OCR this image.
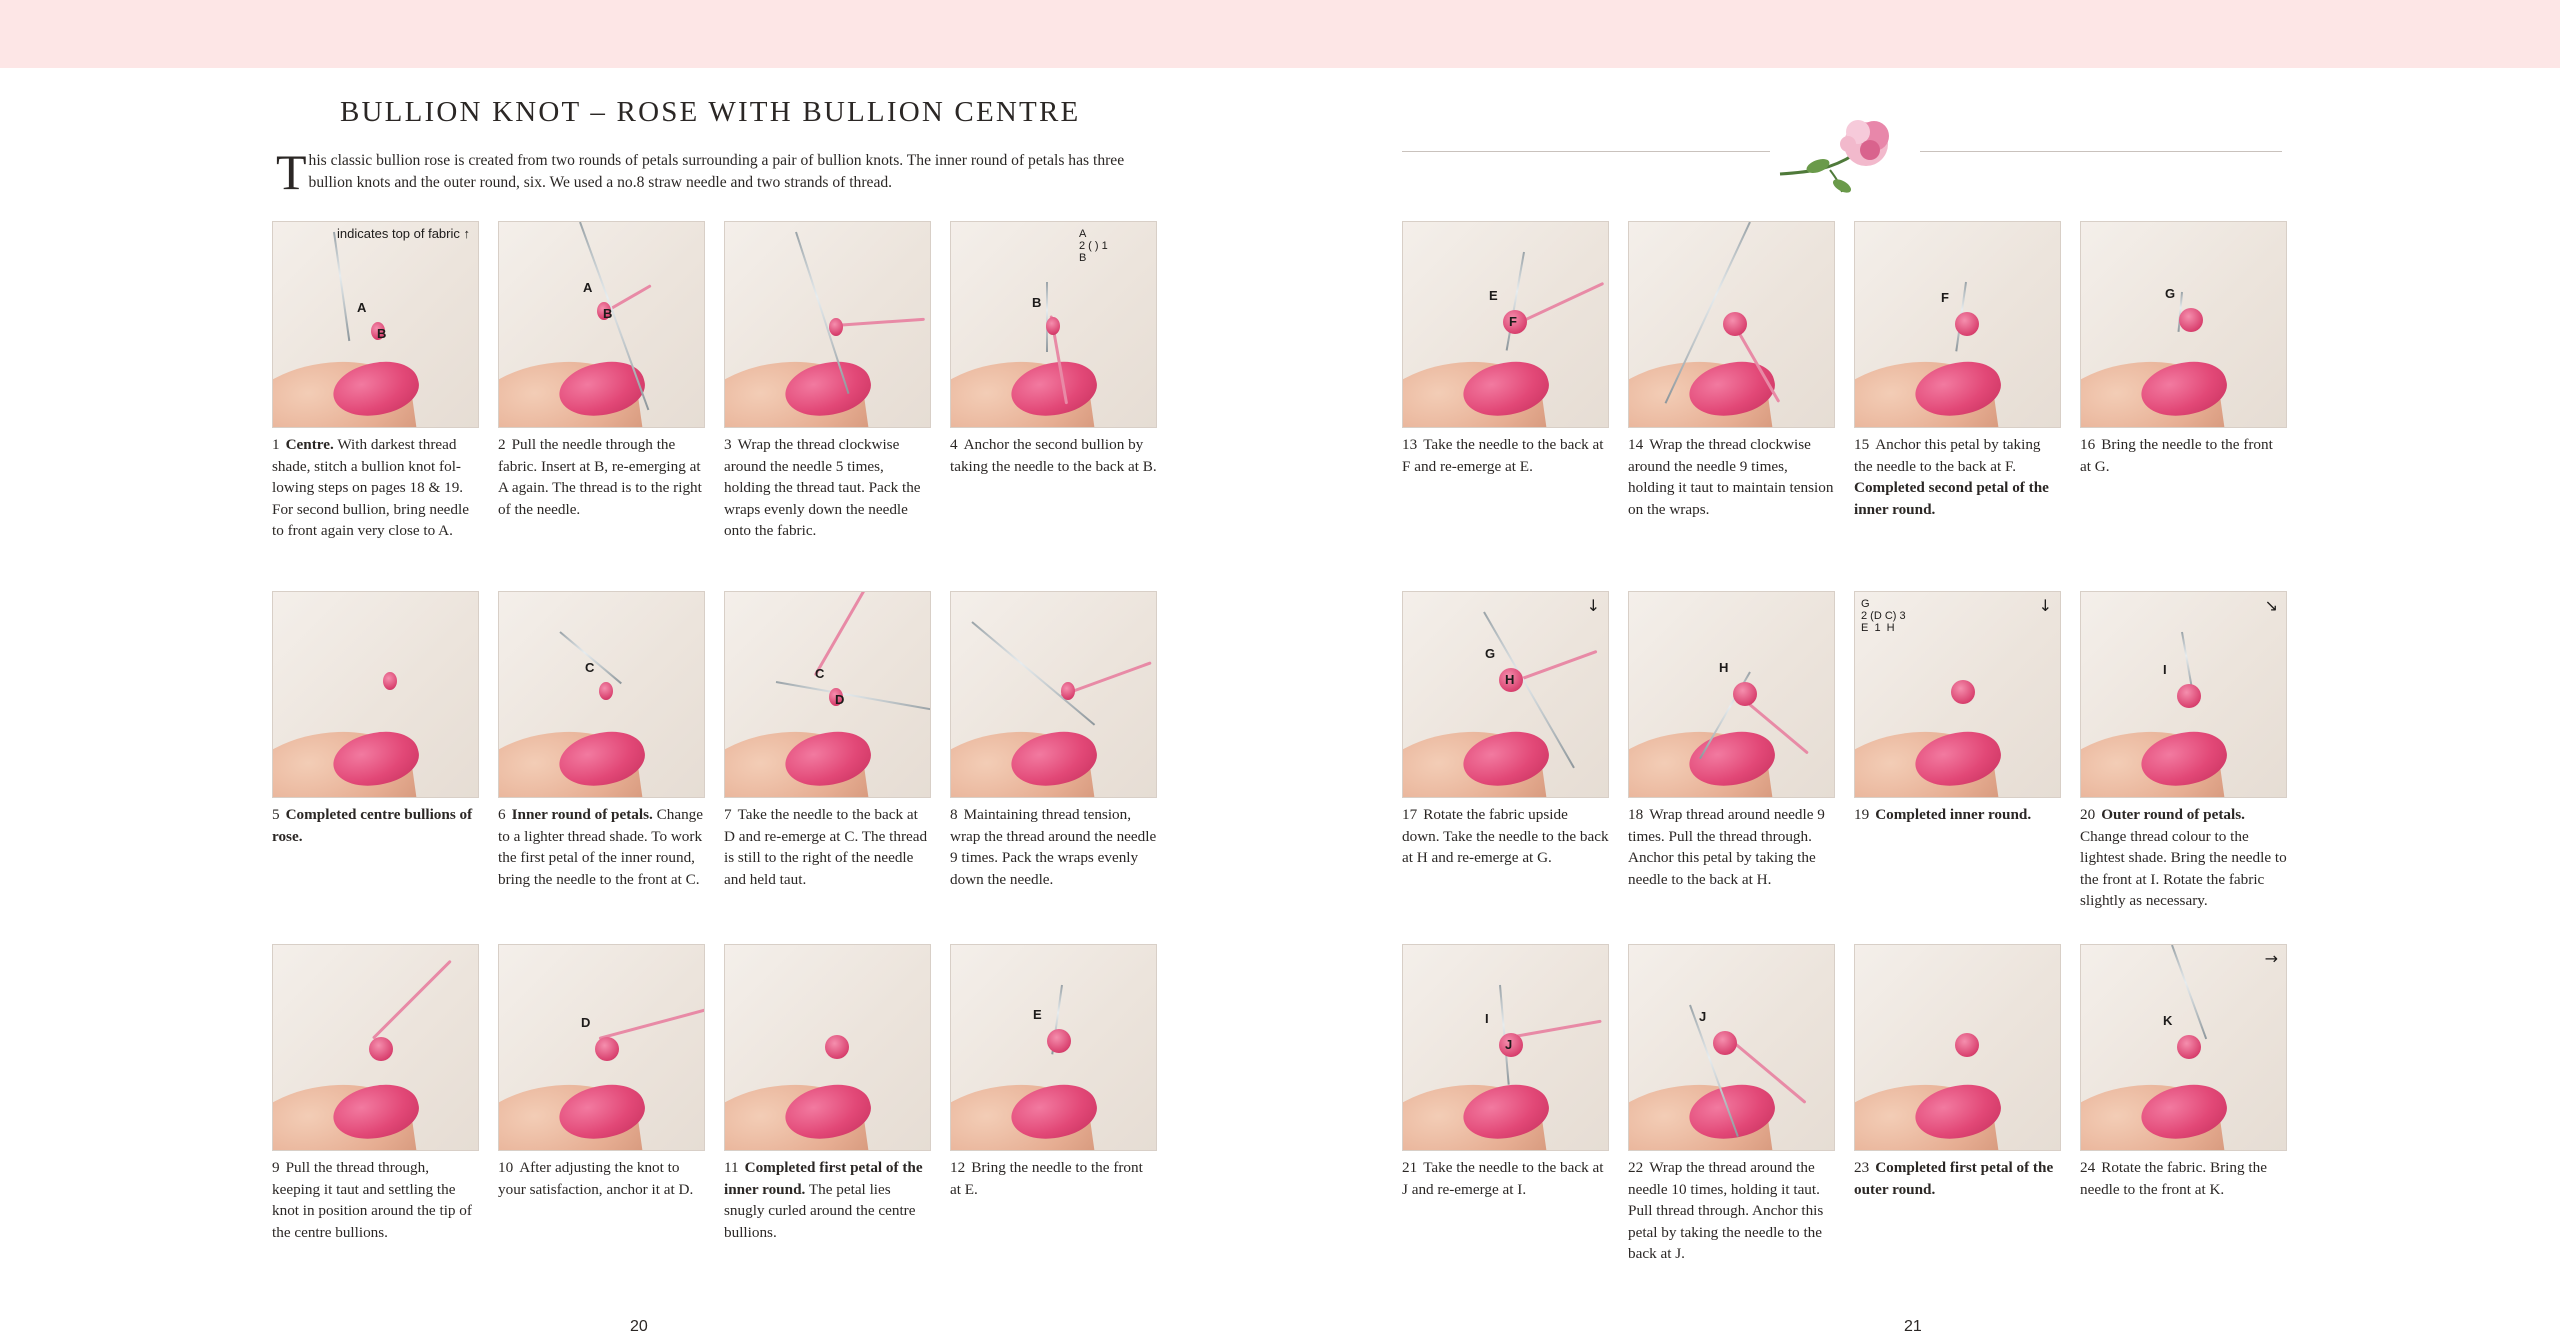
BULLION KNOT – ROSE WITH BULLION CENTRE

This classic bullion rose is created from two rounds of petals surrounding a pair of bullion knots. The inner round of petals has three bullion knots and the outer round, six. We used a no.8 straw needle and two strands of thread.

A
B
indicates top of fabric ↑

1 Centre. With darkest thread shade, stitch a bullion knot fol-lowing steps on pages 18 & 19. For second bullion, bring needle to front again very close to A.

A
B

2 Pull the needle through the fabric. Insert at B, re-emerging at A again. The thread is to the right of the needle.

3 Wrap the thread clockwise around the needle 5 times, holding the thread taut. Pack the wraps evenly down the needle onto the fabric.

B
A
2 ( ) 1
B

4 Anchor the second bullion by taking the needle to the back at B.

5 Completed centre bullions of rose.

C

6 Inner round of petals. Change to a lighter thread shade. To work the first petal of the inner round, bring the needle to the front at C.

C
D

7 Take the needle to the back at D and re-emerge at C. The thread is still to the right of the needle and held taut.

8 Maintaining thread tension, wrap the thread around the needle 9 times. Pack the wraps evenly down the needle.

9 Pull the thread through, keeping it taut and settling the knot in position around the tip of the centre bullions.

D

10 After adjusting the knot to your satisfaction, anchor it at D.

11 Completed first petal of the inner round. The petal lies snugly curled around the centre bullions.

E

12 Bring the needle to the front at E.

20
E
F

13 Take the needle to the back at F and re-emerge at E.

14 Wrap the thread clockwise around the needle 9 times, holding it taut to maintain tension on the wraps.

F

15 Anchor this petal by taking the needle to the back at F. Completed second petal of the inner round.

G

16 Bring the needle to the front at G.

G
H
↓

17 Rotate the fabric upside down. Take the needle to the back at H and re-emerge at G.

H

18 Wrap thread around needle 9 times. Pull the thread through. Anchor this petal by taking the needle to the back at H.

↓
G
2 (D C) 3
E  1  H

19 Completed inner round.

I
↘

20 Outer round of petals. Change thread colour to the lightest shade. Bring the needle to the front at I. Rotate the fabric slightly as necessary.

I
J

21 Take the needle to the back at J and re-emerge at I.

J

22 Wrap the thread around the needle 10 times, holding it taut. Pull thread through. Anchor this petal by taking the needle to the back at J.

23 Completed first petal of the outer round.

K
→

24 Rotate the fabric. Bring the needle to the front at K.

21
